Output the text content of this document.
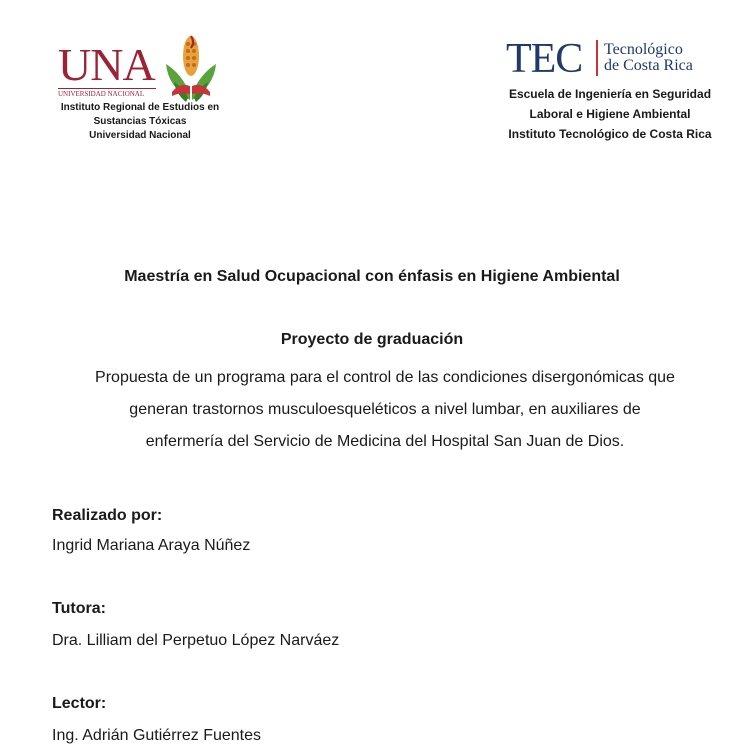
UNA
UNIVERSIDAD NACIONAL
Instituto Regional de Estudios en
Sustancias Tóxicas
Universidad Nacional
TEC Tecnológico
de Costa Rica
Escuela de Ingeniería en Seguridad
Laboral e Higiene Ambiental
Instituto Tecnológico de Costa Rica
Maestría en Salud Ocupacional con énfasis en Higiene Ambiental
Proyecto de graduación
Propuesta de un programa para el control de las condiciones disergonómicas que
generan trastornos musculoesqueléticos a nivel lumbar, en auxiliares de
enfermería del Servicio de Medicina del Hospital San Juan de Dios.
Realizado por:
Ingrid Mariana Araya Núñez
Tutora:
Dra. Lilliam del Perpetuo López Narváez
Lector:
Ing. Adrián Gutiérrez Fuentes
